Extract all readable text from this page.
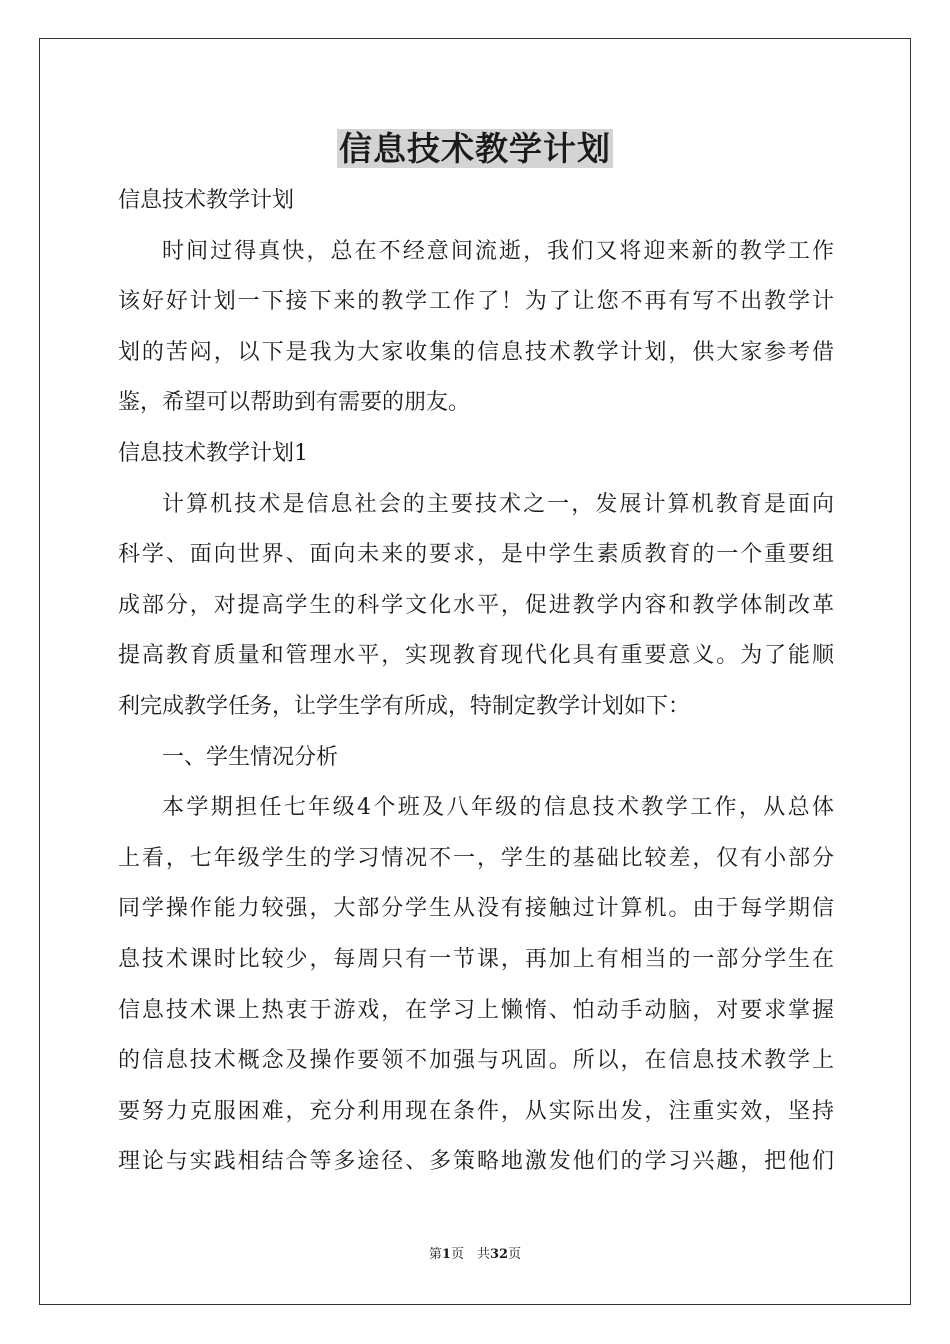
信息技术教学计划
信息技术教学计划
时间过得真快，总在不经意间流逝，我们又将迎来新的教学工作
该好好计划一下接下来的教学工作了！为了让您不再有写不出教学计
划的苦闷，以下是我为大家收集的信息技术教学计划，供大家参考借
鉴，希望可以帮助到有需要的朋友。
信息技术教学计划1
计算机技术是信息社会的主要技术之一，发展计算机教育是面向
科学、面向世界、面向未来的要求，是中学生素质教育的一个重要组
成部分，对提高学生的科学文化水平，促进教学内容和教学体制改革
提高教育质量和管理水平，实现教育现代化具有重要意义。为了能顺
利完成教学任务，让学生学有所成，特制定教学计划如下：
一、学生情况分析
本学期担任七年级4个班及八年级的信息技术教学工作，从总体
上看，七年级学生的学习情况不一，学生的基础比较差，仅有小部分
同学操作能力较强，大部分学生从没有接触过计算机。由于每学期信
息技术课时比较少，每周只有一节课，再加上有相当的一部分学生在
信息技术课上热衷于游戏，在学习上懒惰、怕动手动脑，对要求掌握
的信息技术概念及操作要领不加强与巩固。所以，在信息技术教学上
要努力克服困难，充分利用现在条件，从实际出发，注重实效，坚持
理论与实践相结合等多途径、多策略地激发他们的学习兴趣，把他们
第1页　共32页
